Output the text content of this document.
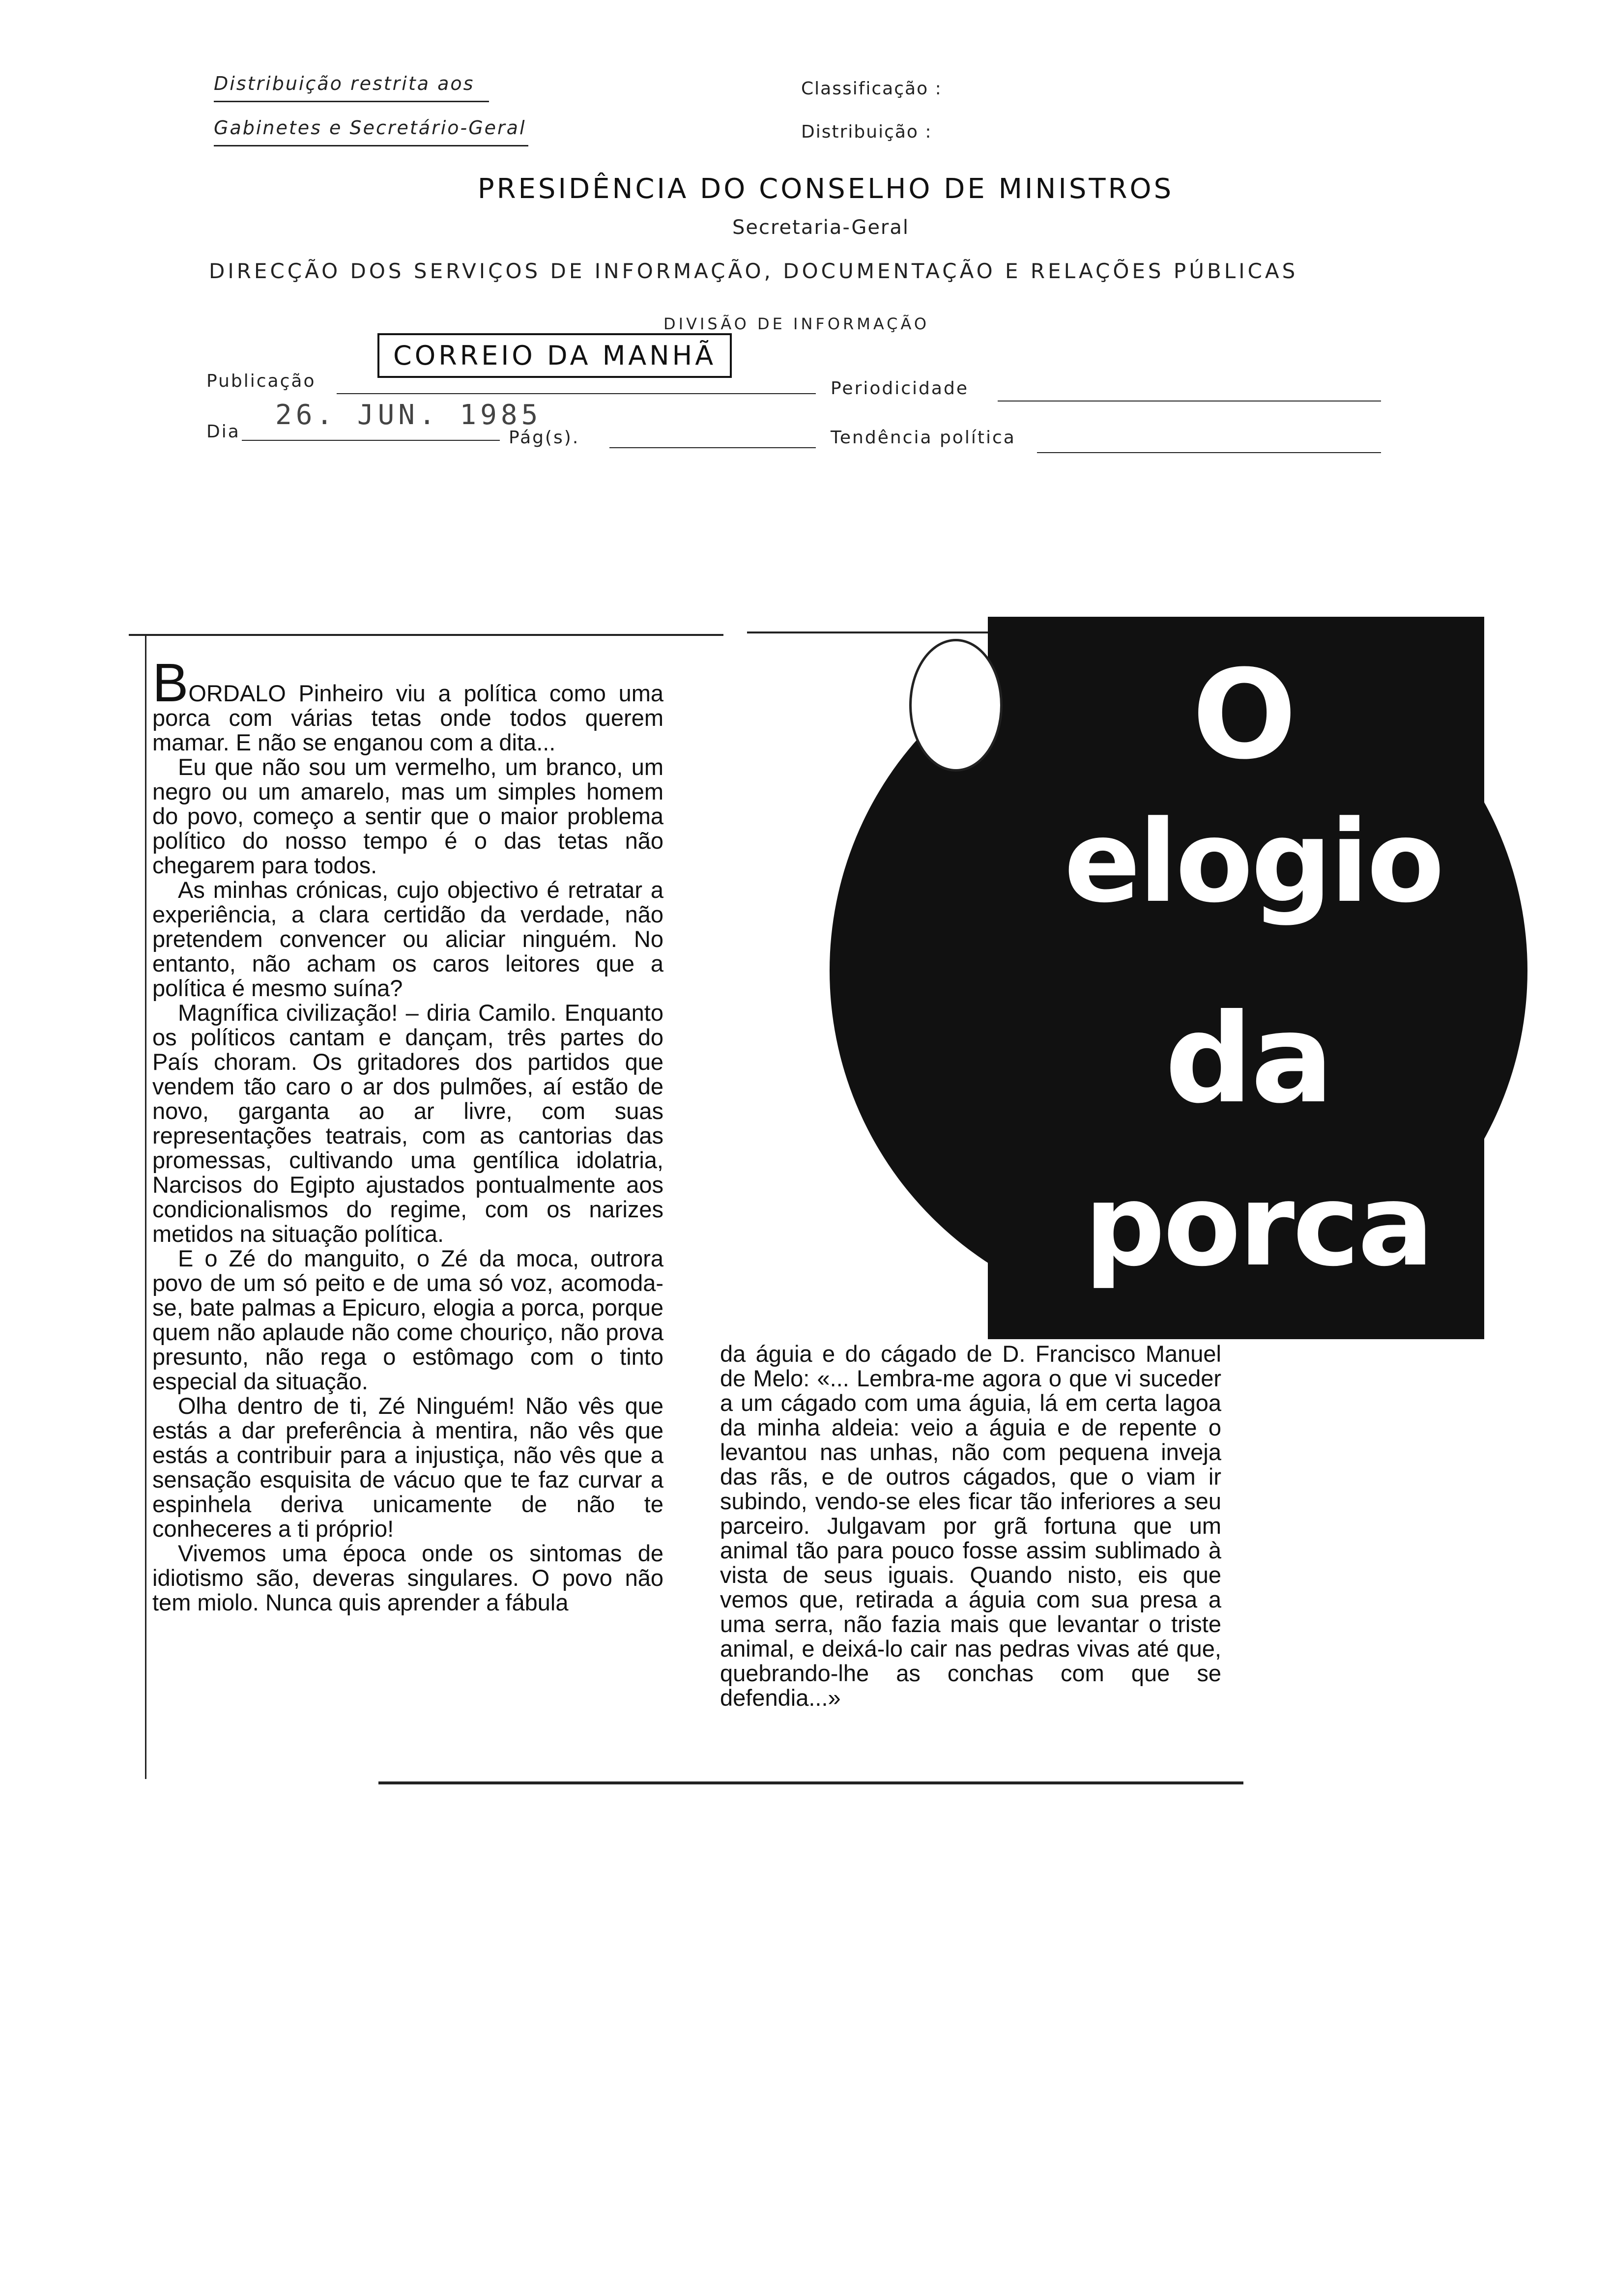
Distribuição restrita aos
Gabinetes e Secretário-Geral
Classificação :
Distribuição :
PRESIDÊNCIA DO CONSELHO DE MINISTROS
Secretaria-Geral
DIRECÇÃO DOS SERVIÇOS DE INFORMAÇÃO, DOCUMENTAÇÃO E RELAÇÕES PÚBLICAS
DIVISÃO DE INFORMAÇÃO
Publicação
CORREIO DA MANHÃ
Periodicidade
Dia
26. JUN. 1985
Pág(s).	Tendência política
O
elogio
da
porca

BORDALO Pinheiro viu a política como uma porca com várias tetas onde todos querem mamar. E não se enganou com a dita...

Eu que não sou um vermelho, um branco, um negro ou um amarelo, mas um simples homem do povo, começo a sentir que o maior problema político do nosso tempo é o das tetas não chegarem para todos.

As minhas crónicas, cujo objectivo é retratar a experiência, a clara certidão da verdade, não pretendem convencer ou aliciar ninguém. No entanto, não acham os caros leitores que a política é mesmo suína?

Magnífica civilização! – diria Camilo. Enquanto os políticos cantam e dançam, três partes do País choram. Os gritadores dos partidos que vendem tão caro o ar dos pulmões, aí estão de novo, garganta ao ar livre, com suas representações teatrais, com as cantorias das promessas, cultivando uma gentílica idolatria, Narcisos do Egipto ajustados pontualmente aos condicionalismos do regime, com os narizes metidos na situação política.

E o Zé do manguito, o Zé da moca, outrora povo de um só peito e de uma só voz, acomoda-se, bate palmas a Epicuro, elogia a porca, porque quem não aplaude não come chouriço, não prova presunto, não rega o estômago com o tinto especial da situação.

Olha dentro de ti, Zé Ninguém! Não vês que estás a dar preferência à mentira, não vês que estás a contribuir para a injustiça, não vês que a sensação esquisita de vácuo que te faz curvar a espinhela deriva unicamente de não te conheceres a ti próprio!

Vivemos uma época onde os sintomas de idiotismo são, deveras singulares. O povo não tem miolo. Nunca quis aprender a fábula

da águia e do cágado de D. Francisco Manuel de Melo: «... Lembra-me agora o que vi suceder a um cágado com uma águia, lá em certa lagoa da minha aldeia: veio a águia e de repente o levantou nas unhas, não com pequena inveja das rãs, e de outros cágados, que o viam ir subindo, vendo-se eles ficar tão inferiores a seu parceiro. Julgavam por grã fortuna que um animal tão para pouco fosse assim sublimado à vista de seus iguais. Quando nisto, eis que vemos que, retirada a águia com sua presa a uma serra, não fazia mais que levantar o triste animal, e deixá-lo cair nas pedras vivas até que, quebrando-lhe as conchas com que se defendia...»
